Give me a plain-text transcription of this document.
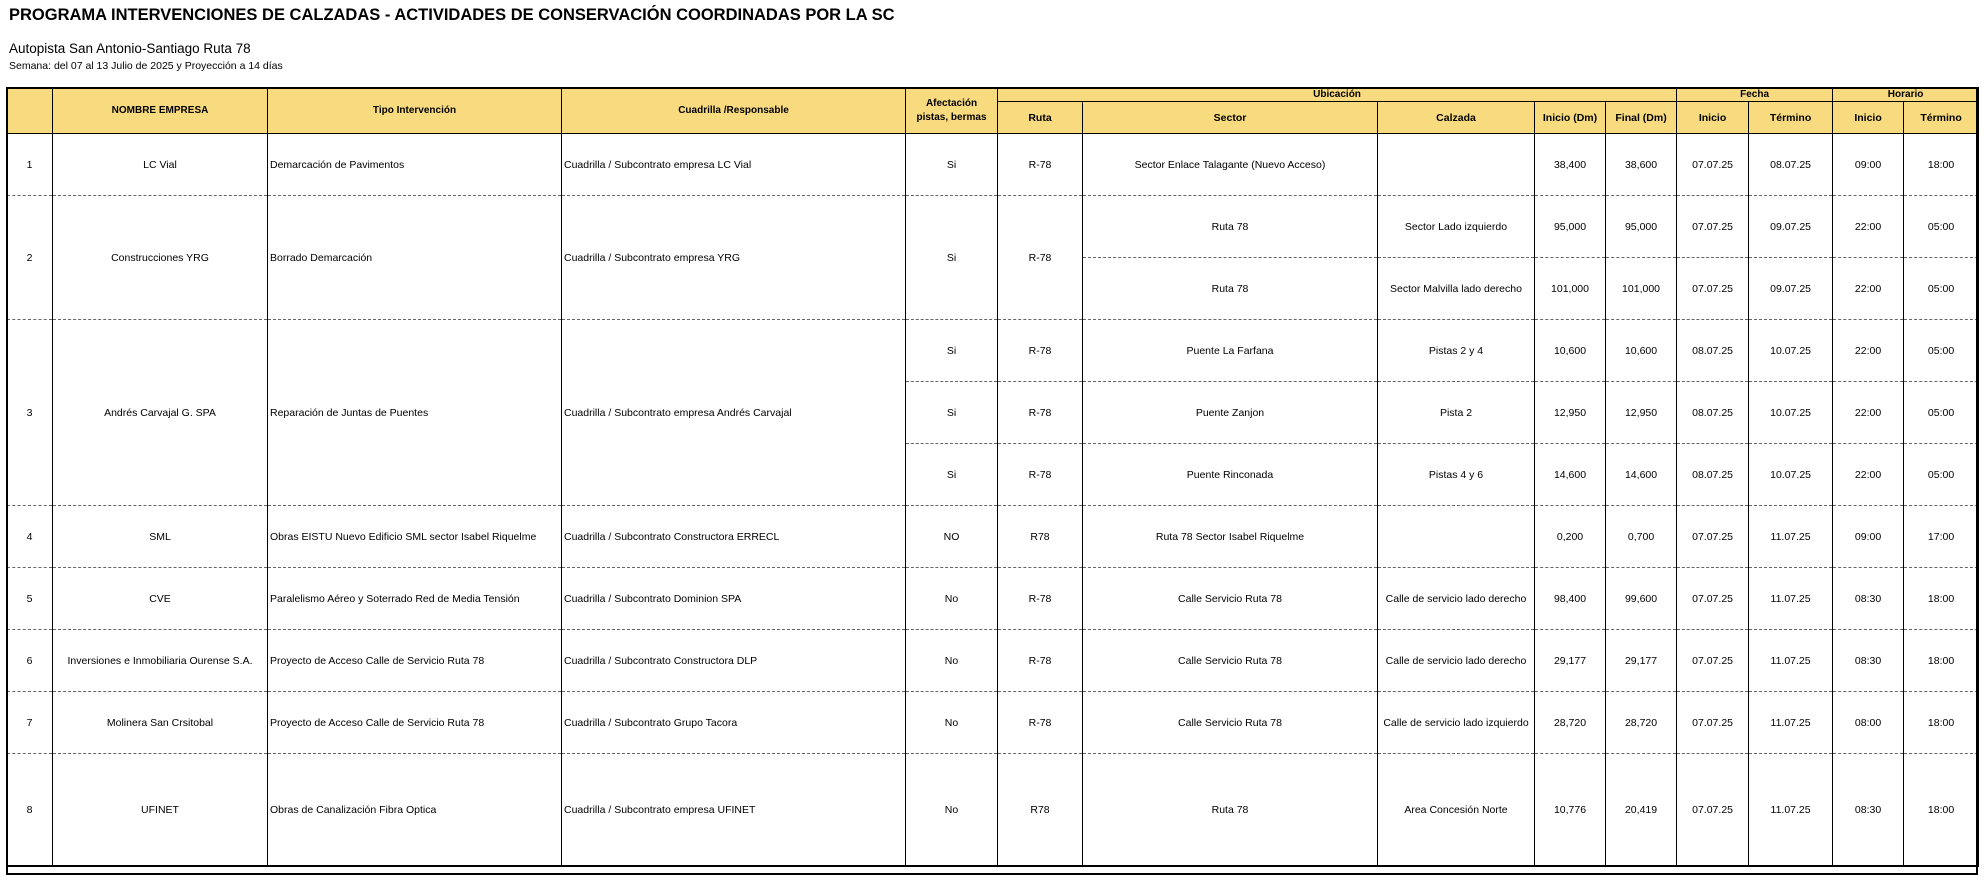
PROGRAMA INTERVENCIONES DE CALZADAS - ACTIVIDADES DE CONSERVACIÓN COORDINADAS POR LA SC
Autopista San Antonio-Santiago Ruta 78
Semana: del 07 al 13 Julio de 2025 y Proyección a 14 días
	NOMBRE EMPRESA	Tipo Intervención	Cuadrilla /Responsable	Afectación
pistas, bermas	Ubicación					Fecha		Horario	
					Ruta	Sector	Calzada	Inicio (Dm)	Final (Dm)	Inicio	Término	Inicio	Término
1	LC Vial	Demarcación de Pavimentos	Cuadrilla / Subcontrato empresa LC Vial	Si	R-78	Sector Enlace Talagante (Nuevo Acceso)		38,400	38,600	07.07.25	08.07.25	09:00	18:00
2	Construcciones YRG	Borrado Demarcación	Cuadrilla / Subcontrato empresa YRG	Si	R-78	Ruta 78	Sector Lado izquierdo	95,000	95,000	07.07.25	09.07.25	22:00	05:00
						Ruta 78	Sector Malvilla lado derecho	101,000	101,000	07.07.25	09.07.25	22:00	05:00
3	Andrés Carvajal G. SPA	Reparación de Juntas de Puentes	Cuadrilla / Subcontrato empresa Andrés Carvajal	Si	R-78	Puente La Farfana	Pistas 2 y 4	10,600	10,600	08.07.25	10.07.25	22:00	05:00
				Si	R-78	Puente Zanjon	Pista 2	12,950	12,950	08.07.25	10.07.25	22:00	05:00
				Si	R-78	Puente Rinconada	Pistas 4 y 6	14,600	14,600	08.07.25	10.07.25	22:00	05:00
4	SML	Obras EISTU Nuevo Edificio SML sector Isabel Riquelme	Cuadrilla / Subcontrato Constructora ERRECL	NO	R78	Ruta 78 Sector Isabel Riquelme		0,200	0,700	07.07.25	11.07.25	09:00	17:00
5	CVE	Paralelismo Aéreo y Soterrado Red de Media Tensión	Cuadrilla / Subcontrato Dominion SPA	No	R-78	Calle Servicio Ruta 78	Calle de servicio lado derecho	98,400	99,600	07.07.25	11.07.25	08:30	18:00
6	Inversiones e Inmobiliaria Ourense S.A.	Proyecto de Acceso Calle de Servicio Ruta 78	Cuadrilla / Subcontrato Constructora DLP	No	R-78	Calle Servicio Ruta 78	Calle de servicio lado derecho	29,177	29,177	07.07.25	11.07.25	08:30	18:00
7	Molinera San Crsitobal	Proyecto de Acceso Calle de Servicio Ruta 78	Cuadrilla / Subcontrato Grupo Tacora	No	R-78	Calle Servicio Ruta 78	Calle de servicio lado izquierdo	28,720	28,720	07.07.25	11.07.25	08:00	18:00
8	UFINET	Obras de Canalización Fibra Optica	Cuadrilla / Subcontrato empresa UFINET	No	R78	Ruta 78	Area Concesión Norte	10,776	20,419	07.07.25	11.07.25	08:30	18:00
